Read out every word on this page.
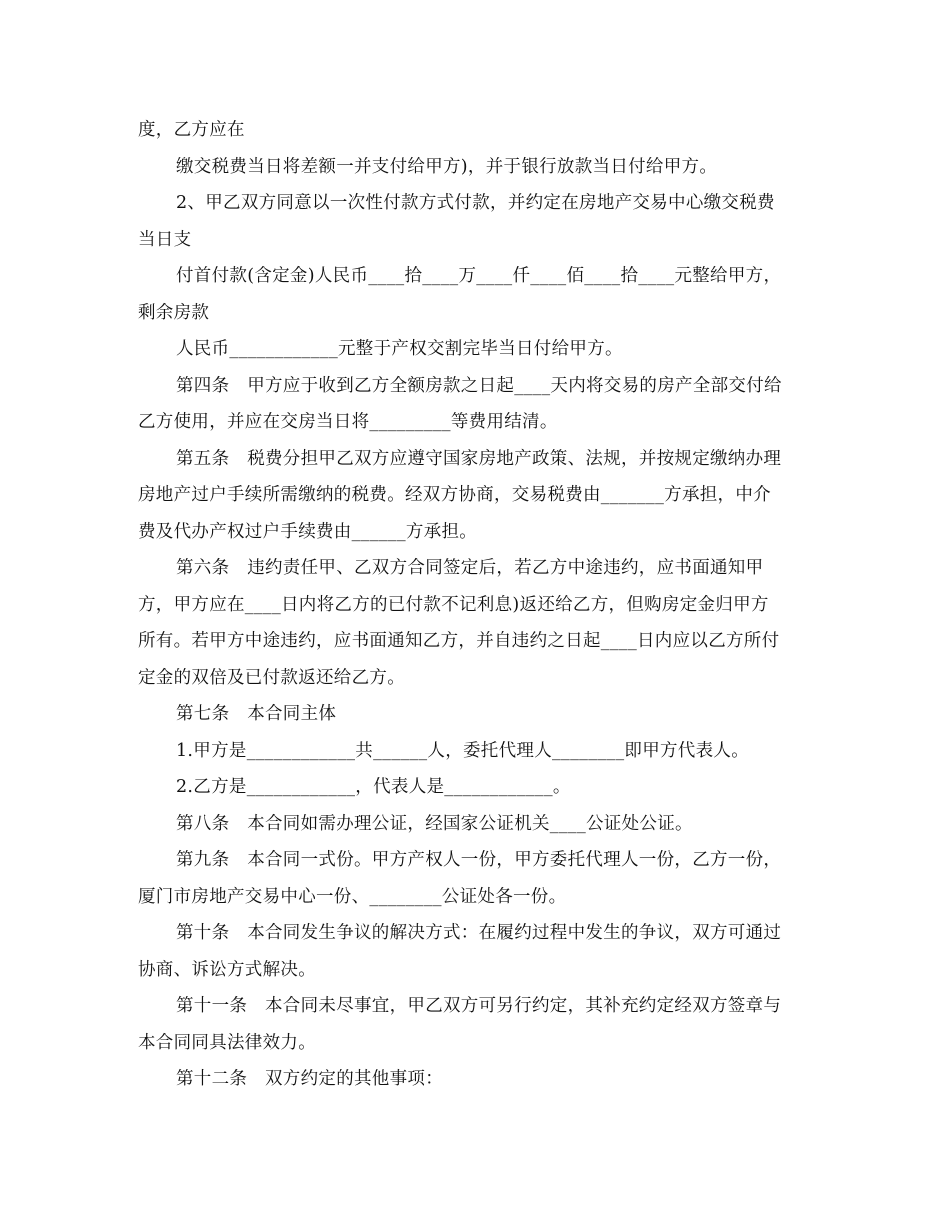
度，乙方应在
缴交税费当日将差额一并支付给甲方)，并于银行放款当日付给甲方。
2、甲乙双方同意以一次性付款方式付款，并约定在房地产交易中心缴交税费
当日支
付首付款(含定金)人民币____拾____万____仟____佰____拾____元整给甲方，
剩余房款
人民币____________元整于产权交割完毕当日付给甲方。
第四条　甲方应于收到乙方全额房款之日起____天内将交易的房产全部交付给
乙方使用，并应在交房当日将_________等费用结清。
第五条　税费分担甲乙双方应遵守国家房地产政策、法规，并按规定缴纳办理
房地产过户手续所需缴纳的税费。经双方协商，交易税费由_______方承担，中介
费及代办产权过户手续费由______方承担。
第六条　违约责任甲、乙双方合同签定后，若乙方中途违约，应书面通知甲
方，甲方应在____日内将乙方的已付款不记利息)返还给乙方，但购房定金归甲方
所有。若甲方中途违约，应书面通知乙方，并自违约之日起____日内应以乙方所付
定金的双倍及已付款返还给乙方。
第七条　本合同主体
1.甲方是____________共______人，委托代理人________即甲方代表人。
2.乙方是____________，代表人是____________。
第八条　本合同如需办理公证，经国家公证机关____公证处公证。
第九条　本合同一式份。甲方产权人一份，甲方委托代理人一份，乙方一份，
厦门市房地产交易中心一份、________公证处各一份。
第十条　本合同发生争议的解决方式：在履约过程中发生的争议，双方可通过
协商、诉讼方式解决。
第十一条　本合同未尽事宜，甲乙双方可另行约定，其补充约定经双方签章与
本合同同具法律效力。
第十二条　双方约定的其他事项：
